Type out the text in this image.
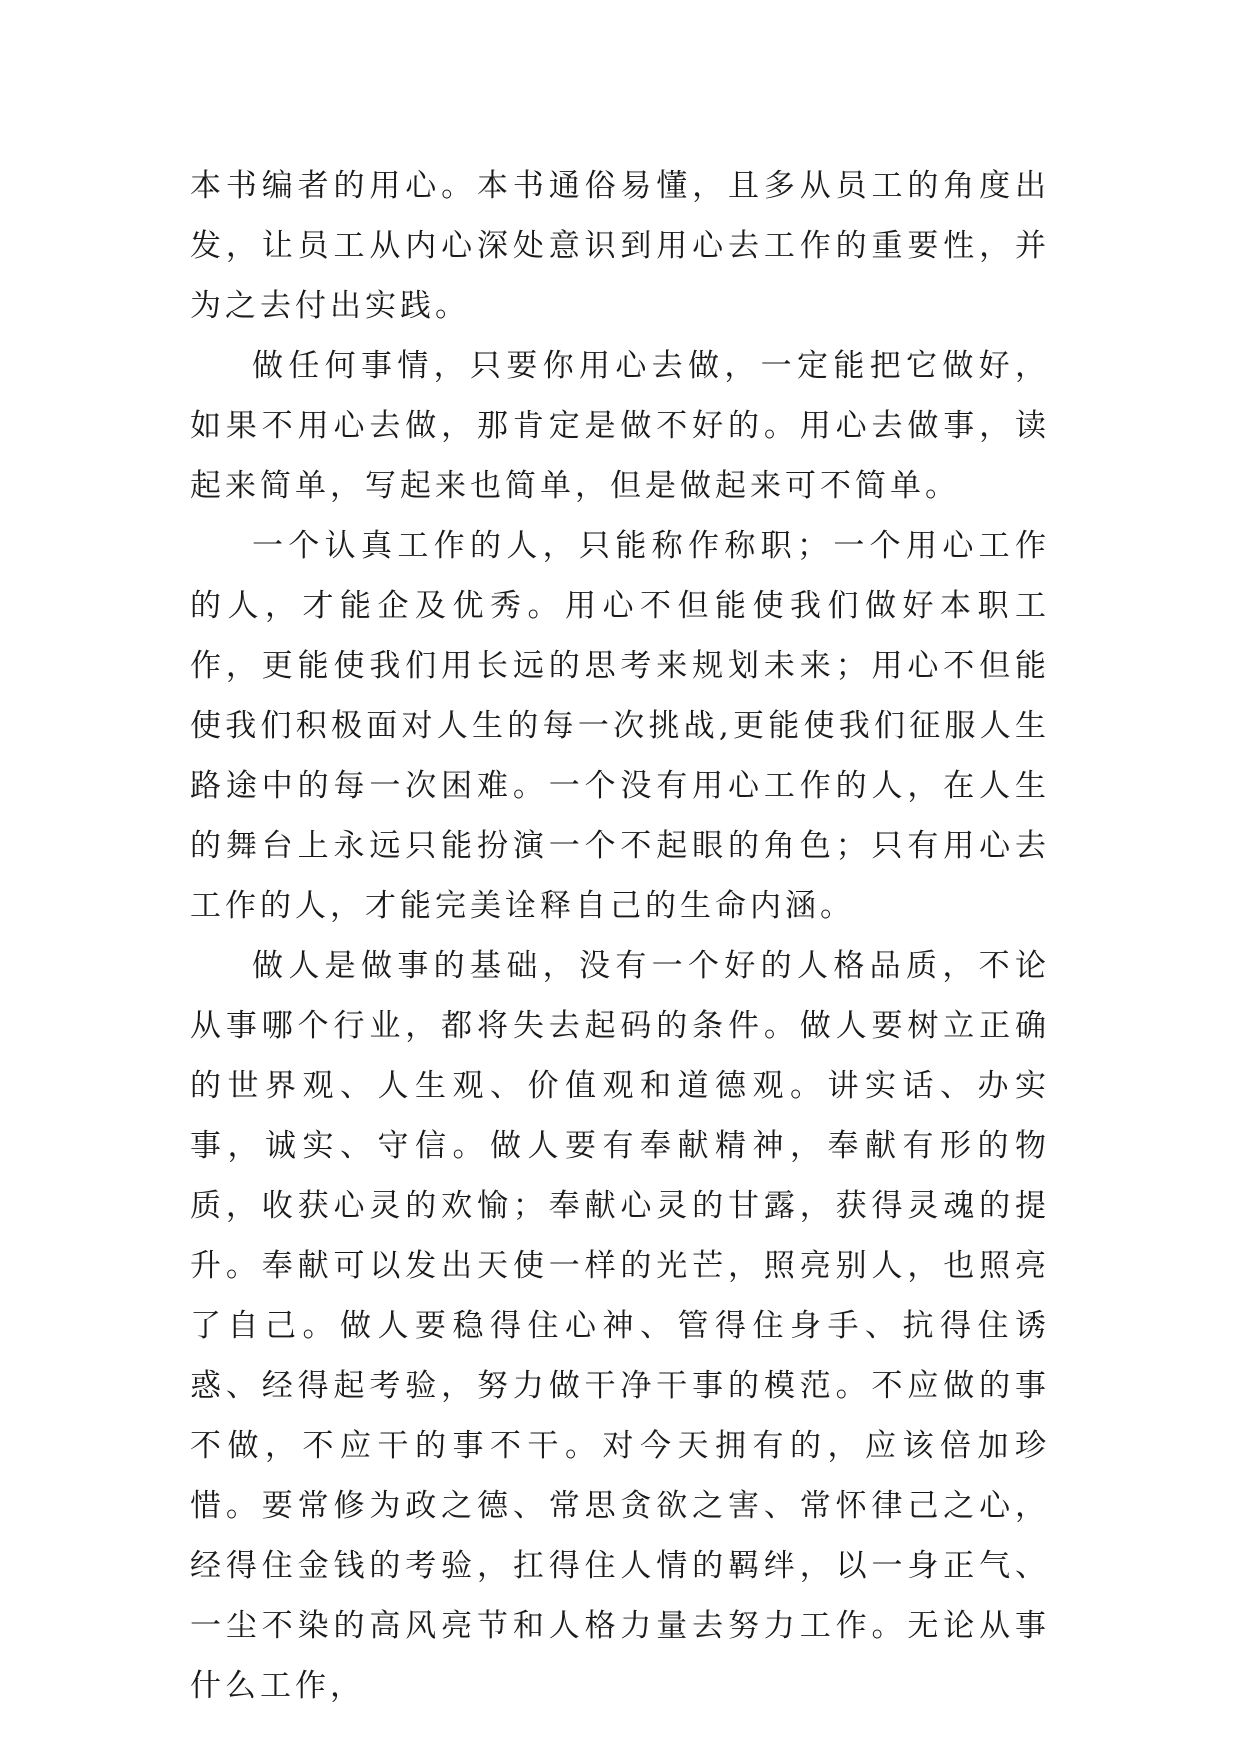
本书编者的用心。本书通俗易懂，且多从员工的角度出发，让员工从内心深处意识到用心去工作的重要性，并为之去付出实践。

做任何事情，只要你用心去做，一定能把它做好，如果不用心去做，那肯定是做不好的。用心去做事，读起来简单，写起来也简单，但是做起来可不简单。

一个认真工作的人，只能称作称职；一个用心工作的人，才能企及优秀。用心不但能使我们做好本职工作，更能使我们用长远的思考来规划未来；用心不但能使我们积极面对人生的每一次挑战,更能使我们征服人生路途中的每一次困难。一个没有用心工作的人，在人生的舞台上永远只能扮演一个不起眼的角色；只有用心去工作的人，才能完美诠释自己的生命内涵。

做人是做事的基础，没有一个好的人格品质，不论从事哪个行业，都将失去起码的条件。做人要树立正确的世界观、人生观、价值观和道德观。讲实话、办实事，诚实、守信。做人要有奉献精神，奉献有形的物质，收获心灵的欢愉；奉献心灵的甘露，获得灵魂的提升。奉献可以发出天使一样的光芒，照亮别人，也照亮了自己。做人要稳得住心神、管得住身手、抗得住诱惑、经得起考验，努力做干净干事的模范。不应做的事不做，不应干的事不干。对今天拥有的，应该倍加珍惜。要常修为政之德、常思贪欲之害、常怀律己之心，经得住金钱的考验，扛得住人情的羁绊，以一身正气、一尘不染的高风亮节和人格力量去努力工作。无论从事什么工作，
